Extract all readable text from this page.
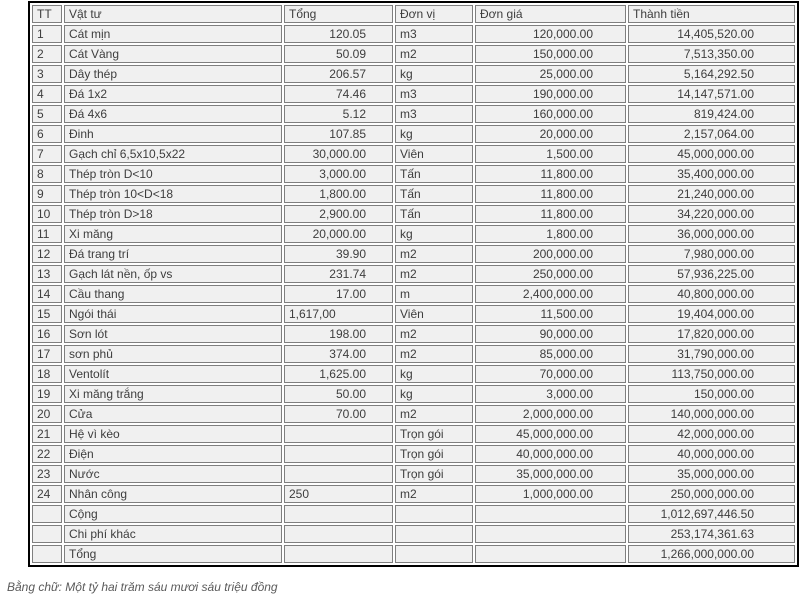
TT	Vật tư	Tổng	Đơn vị	Đơn giá	Thành tiền
1	Cát mịn	120.05	m3	120,000.00	14,405,520.00
2	Cát Vàng	50.09	m2	150,000.00	7,513,350.00
3	Dây thép	206.57	kg	25,000.00	5,164,292.50
4	Đá 1x2	74.46	m3	190,000.00	14,147,571.00
5	Đá 4x6	5.12	m3	160,000.00	819,424.00
6	Đinh	107.85	kg	20,000.00	2,157,064.00
7	Gạch chỉ 6,5x10,5x22	30,000.00	Viên	1,500.00	45,000,000.00
8	Thép tròn D<10	3,000.00	Tấn	11,800.00	35,400,000.00
9	Thép tròn 10<D<18	1,800.00	Tấn	11,800.00	21,240,000.00
10	Thép tròn D>18	2,900.00	Tấn	11,800.00	34,220,000.00
11	Xi măng	20,000.00	kg	1,800.00	36,000,000.00
12	Đá trang trí	39.90	m2	200,000.00	7,980,000.00
13	Gạch lát nền, ốp vs	231.74	m2	250,000.00	57,936,225.00
14	Cầu thang	17.00	m	2,400,000.00	40,800,000.00
15	Ngói thái	1,617,00	Viên	11,500.00	19,404,000.00
16	Sơn lót	198.00	m2	90,000.00	17,820,000.00
17	sơn phủ	374.00	m2	85,000.00	31,790,000.00
18	Ventolít	1,625.00	kg	70,000.00	113,750,000.00
19	Xi măng trắng	50.00	kg	3,000.00	150,000.00
20	Cửa	70.00	m2	2,000,000.00	140,000,000.00
21	Hệ vì kèo		Trọn gói	45,000,000.00	42,000,000.00
22	Điện		Trọn gói	40,000,000.00	40,000,000.00
23	Nước		Trọn gói	35,000,000.00	35,000,000.00
24	Nhân công	250	m2	1,000,000.00	250,000,000.00
	Cộng				1,012,697,446.50
	Chi phí khác				253,174,361.63
	Tổng				1,266,000,000.00
Bằng chữ: Một tỷ hai trăm sáu mươi sáu triệu đồng
